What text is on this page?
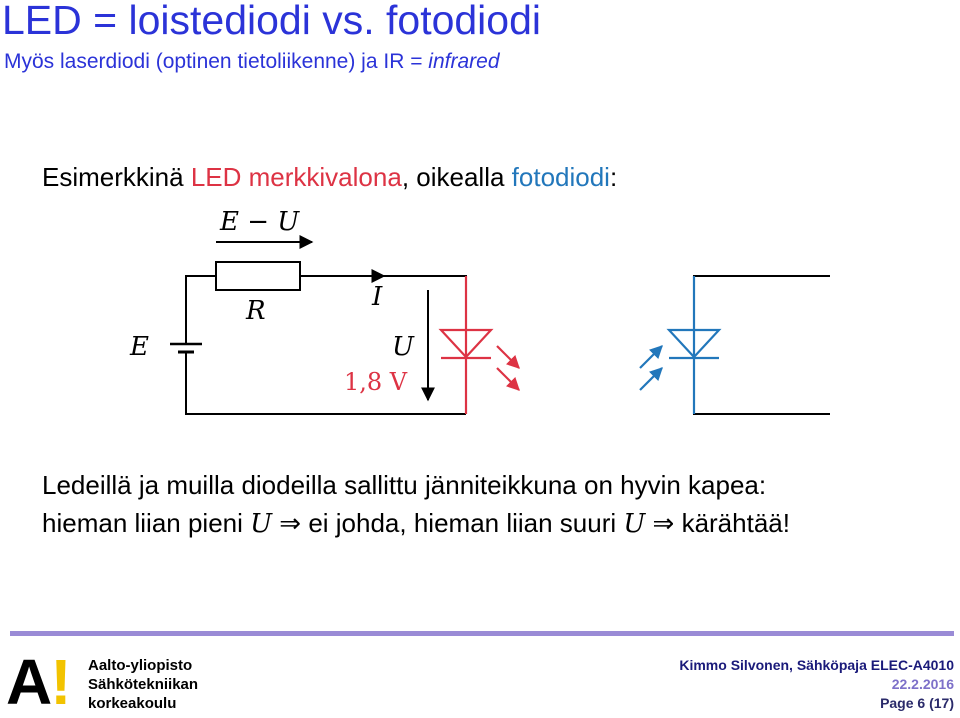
LED = loistediodi vs. fotodiodi
Myös laserdiodi (optinen tietoliikenne) ja IR = infrared
Esimerkkinä LED merkkivalona, oikealla fotodiodi:
E − U
R	I
E	U
1,8 V
Ledeillä ja muilla diodeilla sallittu jänniteikkuna on hyvin kapea:
hieman liian pieni U ⇒ ei johda, hieman liian suuri U ⇒ kärähtää!
A! Aalto-yliopisto
Sähkötekniikan
korkeakoulu
Kimmo Silvonen, Sähköpaja ELEC-A4010
22.2.2016
Page 6 (17)
